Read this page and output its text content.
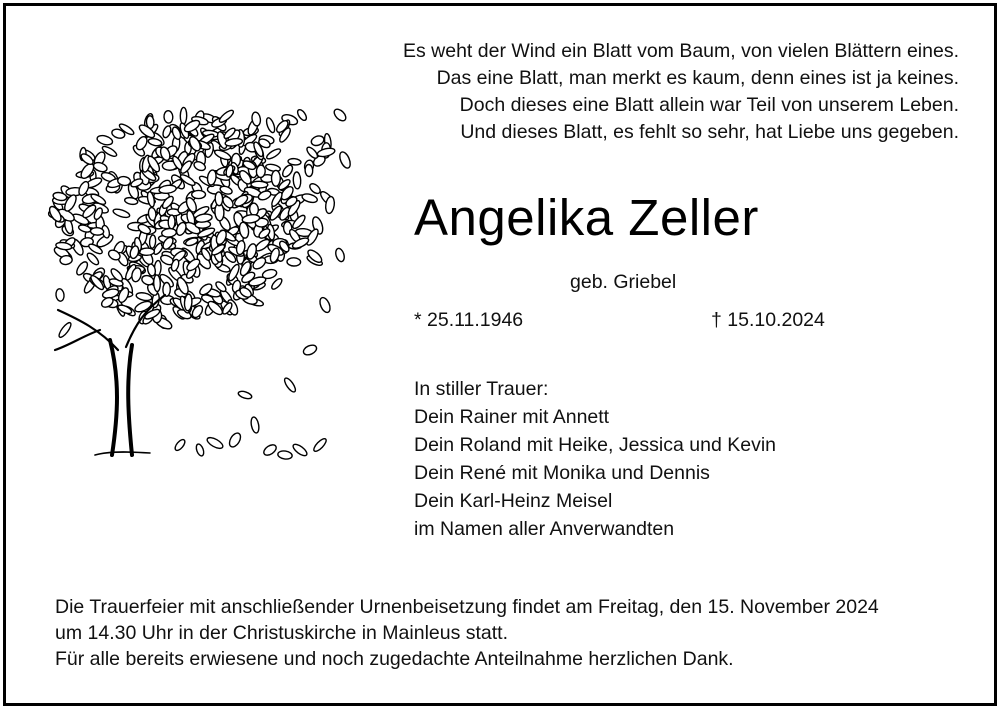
Es weht der Wind ein Blatt vom Baum, von vielen Blättern eines.
Das eine Blatt, man merkt es kaum, denn eines ist ja keines.
Doch dieses eine Blatt allein war Teil von unserem Leben.
Und dieses Blatt, es fehlt so sehr, hat Liebe uns gegeben.
Angelika Zeller
geb. Griebel
* 25.11.1946	† 15.10.2024
In stiller Trauer:
Dein Rainer mit Annett
Dein Roland mit Heike, Jessica und Kevin
Dein René mit Monika und Dennis
Dein Karl-Heinz Meisel
im Namen aller Anverwandten
Die Trauerfeier mit anschließender Urnenbeisetzung findet am Freitag, den 15. November 2024
um 14.30 Uhr in der Christuskirche in Mainleus statt.
Für alle bereits erwiesene und noch zugedachte Anteilnahme herzlichen Dank.
